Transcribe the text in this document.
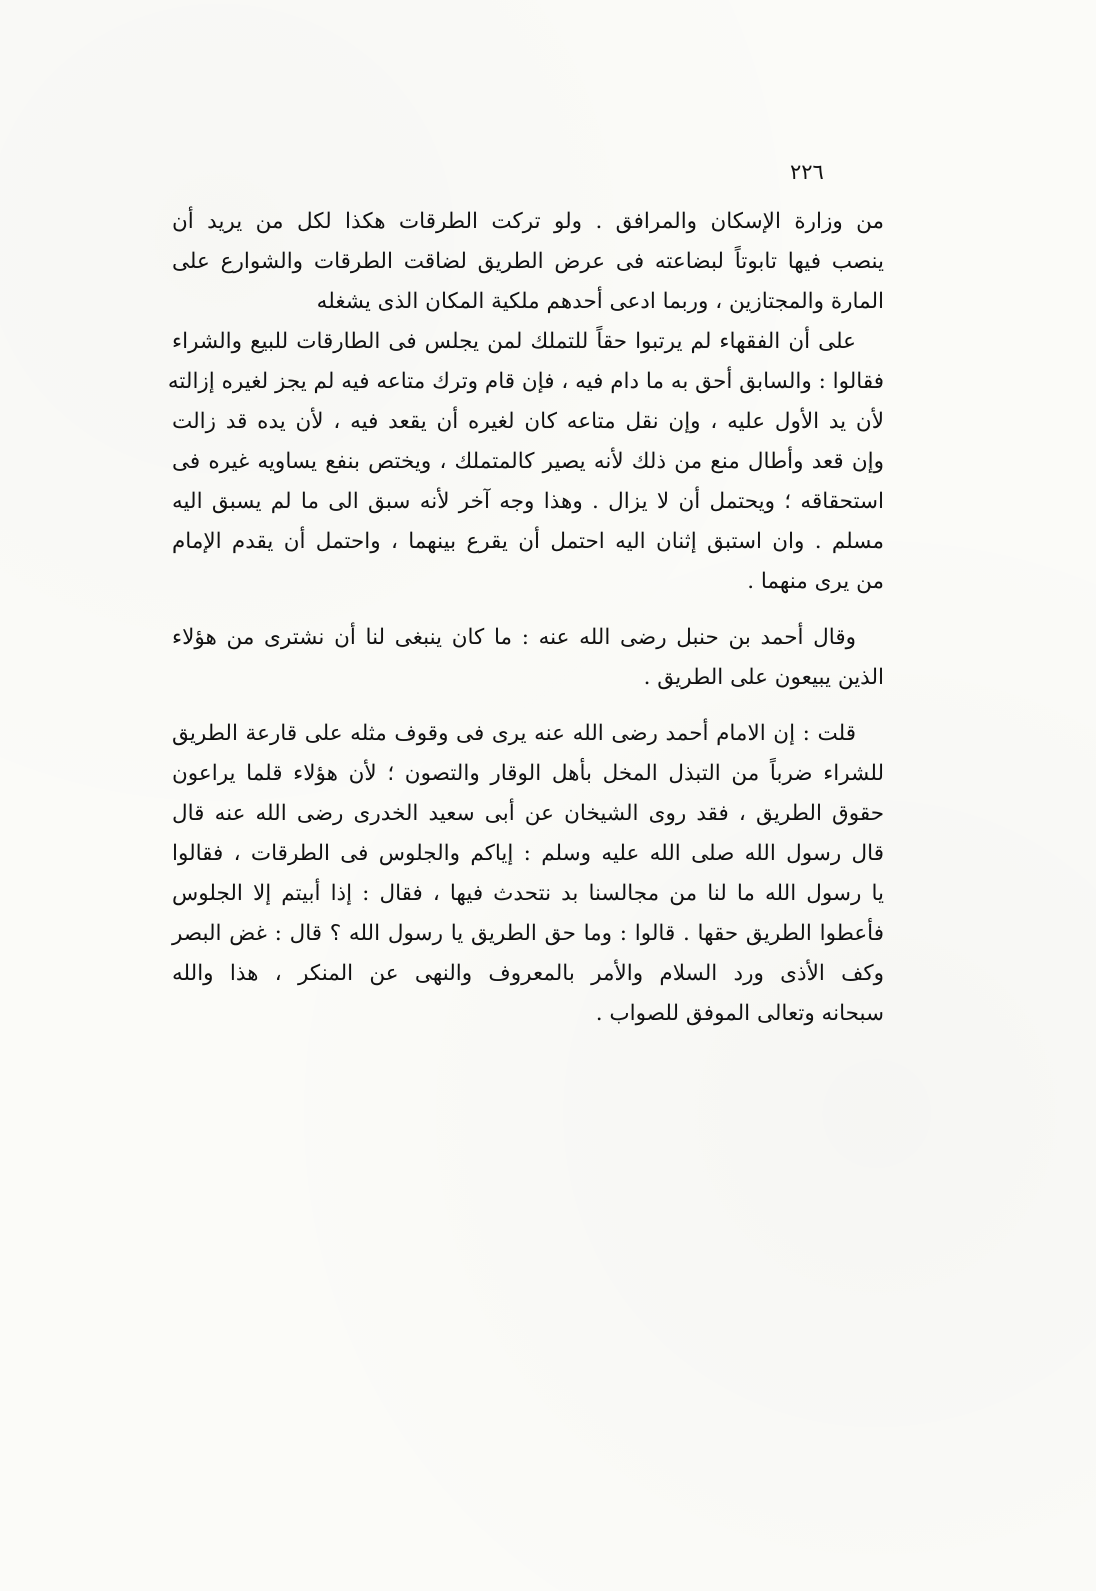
٢٢٦

من وزارة الإسكان والمرافق . ولو تركت الطرقات هكذا لكل من يريد أن
ينصب فيها تابوتاً لبضاعته فى عرض الطريق لضاقت الطرقات والشوارع على
المارة والمجتازين ، وربما ادعى أحدهم ملكية المكان الذى يشغله

على أن الفقهاء لم يرتبوا حقاً للتملك لمن يجلس فى الطارقات للبيع والشراء
فقالوا : والسابق أحق به ما دام فيه ، فإن قام وترك متاعه فيه لم يجز لغيره إزالته
لأن يد الأول عليه ، وإن نقل متاعه كان لغيره أن يقعد فيه ، لأن يده قد زالت
وإن قعد وأطال منع من ذلك لأنه يصير كالمتملك ، ويختص بنفع يساويه غيره فى
استحقاقه ؛ ويحتمل أن لا يزال . وهذا وجه آخر لأنه سبق الى ما لم يسبق اليه
مسلم . وان استبق إثنان اليه احتمل أن يقرع بينهما ، واحتمل أن يقدم الإمام
من يرى منهما .

وقال أحمد بن حنبل رضى الله عنه : ما كان ينبغى لنا أن نشترى من هؤلاء
الذين يبيعون على الطريق .

قلت : إن الامام أحمد رضى الله عنه يرى فى وقوف مثله على قارعة الطريق
للشراء ضرباً من التبذل المخل بأهل الوقار والتصون ؛ لأن هؤلاء قلما يراعون
حقوق الطريق ، فقد روى الشيخان عن أبى سعيد الخدرى رضى الله عنه قال
قال رسول الله صلى الله عليه وسلم : إياكم والجلوس فى الطرقات ، فقالوا
يا رسول الله ما لنا من مجالسنا بد نتحدث فيها ، فقال : إذا أبيتم إلا الجلوس
فأعطوا الطريق حقها . قالوا : وما حق الطريق يا رسول الله ؟ قال : غض البصر
وكف الأذى ورد السلام والأمر بالمعروف والنهى عن المنكر ، هذا والله
سبحانه وتعالى الموفق للصواب .
